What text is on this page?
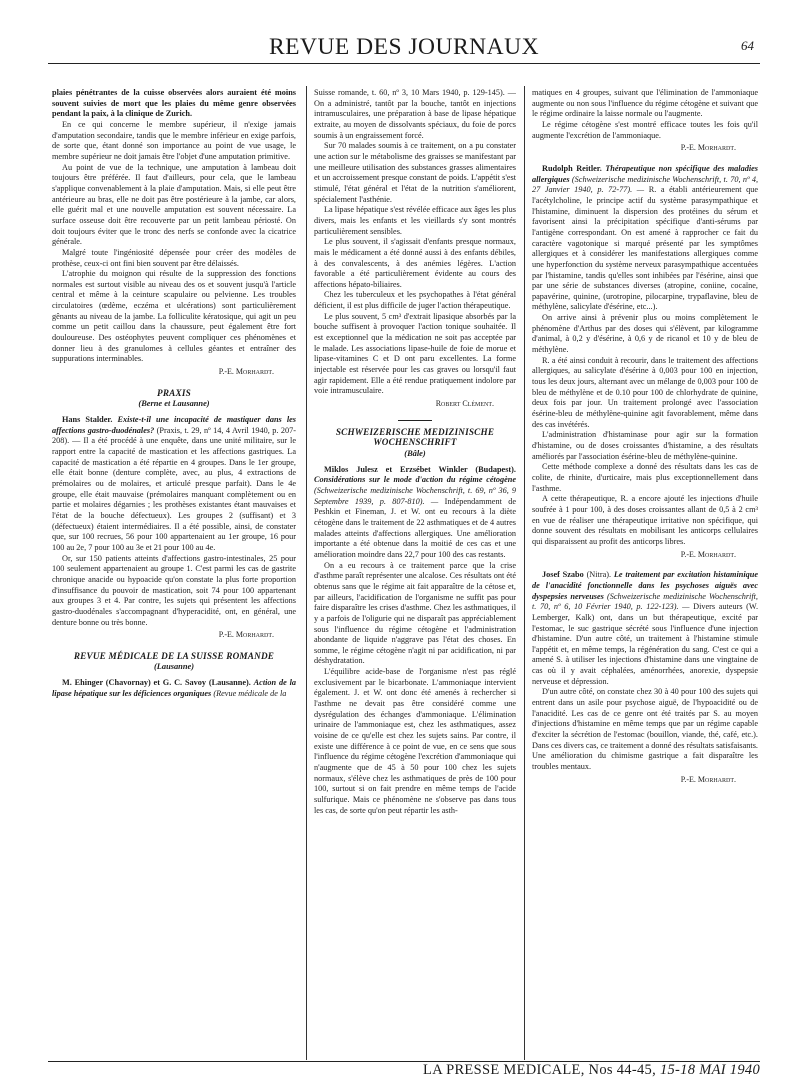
REVUE DES JOURNAUX	64

plaies pénétrantes de la cuisse observées alors auraient été moins souvent suivies de mort que les plaies du même genre observées pendant la paix, à la clinique de Zurich.

En ce qui concerne le membre supérieur, il n'exige jamais d'amputation secondaire, tandis que le membre inférieur en exige parfois, de sorte que, étant donné son importance au point de vue usage, le membre supérieur ne doit jamais être l'objet d'une amputation primitive.

Au point de vue de la technique, une amputation à lambeau doit toujours être préférée. Il faut d'ailleurs, pour cela, que le lambeau s'applique convenablement à la plaie d'amputation. Mais, si elle peut être antérieure au bras, elle ne doit pas être postérieure à la jambe, car alors, elle guérit mal et une nouvelle amputation est souvent nécessaire. La surface osseuse doit être recouverte par un petit lambeau périosté. On doit toujours éviter que le tronc des nerfs se confonde avec la cicatrice générale.

Malgré toute l'ingéniosité dépensée pour créer des modèles de prothèse, ceux-ci ont fini bien souvent par être délaissés.

L'atrophie du moignon qui résulte de la suppression des fonctions normales est surtout visible au niveau des os et souvent jusqu'à l'article central et même à la ceinture scapulaire ou pelvienne. Les troubles circulatoires (œdème, eczéma et ulcérations) sont particulièrement gênants au niveau de la jambe. La folliculite kératosique, qui agit un peu comme un petit caillou dans la chaussure, peut également être fort douloureuse. Des ostéophytes peuvent compliquer ces phénomènes et donner lieu à des granulomes à cellules géantes et entraîner des suppurations interminables.

P.-E. Morhardt.
PRAXIS
(Berne et Lausanne)

Hans Stalder. Existe-t-il une incapacité de mastiquer dans les affections gastro-duodénales? (Praxis, t. 29, nº 14, 4 Avril 1940, p. 207-208). — Il a été procédé à une enquête, dans une unité militaire, sur le rapport entre la capacité de mastication et les affections gastriques. La capacité de mastication a été répartie en 4 groupes. Dans le 1er groupe, elle était bonne (denture complète, avec, au plus, 4 extractions de prémolaires ou de molaires, et articulé presque parfait). Dans le 4e groupe, elle était mauvaise (prémolaires manquant complètement ou en partie et molaires dégarnies ; les prothèses existantes étant mauvaises et l'état de la bouche défectueux). Les groupes 2 (suffisant) et 3 (défectueux) étaient intermédiaires. Il a été possible, ainsi, de constater que, sur 100 recrues, 56 pour 100 appartenaient au 1er groupe, 16 pour 100 au 2e, 7 pour 100 au 3e et 21 pour 100 au 4e.

Or, sur 150 patients atteints d'affections gastro-intestinales, 25 pour 100 seulement appartenaient au groupe 1. C'est parmi les cas de gastrite chronique anacide ou hypoacide qu'on constate la plus forte proportion d'insuffisance du pouvoir de mastication, soit 74 pour 100 appartenant aux groupes 3 et 4. Par contre, les sujets qui présentent les affections gastro-duodénales s'accompagnant d'hyperacidité, ont, en général, une denture bonne ou très bonne.

P.-E. Morhardt.
REVUE MÉDICALE DE LA SUISSE ROMANDE
(Lausanne)

M. Ehinger (Chavornay) et G. C. Savoy (Lausanne). Action de la lipase hépatique sur les déficiences organiques (Revue médicale de la

Suisse romande, t. 60, nº 3, 10 Mars 1940, p. 129-145). — On a administré, tantôt par la bouche, tantôt en injections intramusculaires, une préparation à base de lipase hépatique extraite, au moyen de dissolvants spéciaux, du foie de porcs soumis à un engraissement forcé.

Sur 70 malades soumis à ce traitement, on a pu constater une action sur le métabolisme des graisses se manifestant par une meilleure utilisation des substances grasses alimentaires et un accroissement presque constant de poids. L'appétit s'est stimulé, l'état général et l'état de la nutrition s'améliorent, spécialement l'asthénie.

La lipase hépatique s'est révélée efficace aux âges les plus divers, mais les enfants et les vieillards s'y sont montrés particulièrement sensibles.

Le plus souvent, il s'agissait d'enfants presque normaux, mais le médicament a été donné aussi à des enfants débiles, à des convalescents, à des anémies légères. L'action favorable a été particulièrement évidente au cours des affections hépato-biliaires.

Chez les tuberculeux et les psychopathes à l'état général déficient, il est plus difficile de juger l'action thérapeutique.

Le plus souvent, 5 cm³ d'extrait lipasique absorbés par la bouche suffisent à provoquer l'action tonique souhaitée. Il est exceptionnel que la médication ne soit pas acceptée par le malade. Les associations lipase-huile de foie de morue et lipase-vitamines C et D ont paru excellentes. La forme injectable est réservée pour les cas graves ou lorsqu'il faut agir rapidement. Elle a été rendue pratiquement indolore par voie intramusculaire.

Robert Clément.
SCHWEIZERISCHE MEDIZINISCHE WOCHENSCHRIFT
(Bâle)

Miklos Julesz et Erzsébet Winkler (Budapest). Considérations sur le mode d'action du régime cétogène (Schweizerische medizinische Wochenschrift, t. 69, nº 36, 9 Septembre 1939, p. 807-810). — Indépendamment de Peshkin et Fineman, J. et W. ont eu recours à la diète cétogène dans le traitement de 22 asthmatiques et de 4 autres malades atteints d'affections allergiques. Une amélioration importante a été obtenue dans la moitié de ces cas et une amélioration moindre dans 22,7 pour 100 des cas restants.

On a eu recours à ce traitement parce que la crise d'asthme paraît représenter une alcalose. Ces résultats ont été obtenus sans que le régime ait fait apparaître de la cétose et, par ailleurs, l'acidification de l'organisme ne suffit pas pour faire disparaître les crises d'asthme. Chez les asthmatiques, il y a parfois de l'oligurie qui ne disparaît pas appréciablement sous l'influence du régime cétogène et l'administration abondante de liquide n'aggrave pas l'état des choses. En somme, le régime cétogène n'agit ni par acidification, ni par déshydratation.

L'équilibre acide-base de l'organisme n'est pas réglé exclusivement par le bicarbonate. L'ammoniaque intervient également. J. et W. ont donc été amenés à rechercher si l'asthme ne devait pas être considéré comme une dysrégulation des échanges d'ammoniaque. L'élimination urinaire de l'ammoniaque est, chez les asthmatiques, assez voisine de ce qu'elle est chez les sujets sains. Par contre, il existe une différence à ce point de vue, en ce sens que sous l'influence du régime cétogène l'excrétion d'ammoniaque qui n'augmente que de 45 à 50 pour 100 chez les sujets normaux, s'élève chez les asthmatiques de près de 100 pour 100, surtout si on fait prendre en même temps de l'acide sulfurique. Mais ce phénomène ne s'observe pas dans tous les cas, de sorte qu'on peut répartir les asth-

matiques en 4 groupes, suivant que l'élimination de l'ammoniaque augmente ou non sous l'influence du régime cétogène et suivant que le régime ordinaire la laisse normale ou l'augmente.

Le régime cétogène s'est montré efficace toutes les fois qu'il augmente l'excrétion de l'ammoniaque.

P.-E. Morhardt.

Rudolph Reitler. Thérapeutique non spécifique des maladies allergiques (Schweizerische medizinische Wochenschrift, t. 70, nº 4, 27 Janvier 1940, p. 72-77). — R. a établi antérieurement que l'acétylcholine, le principe actif du système parasympathique et l'histamine, diminuent la dispersion des protéines du sérum et favorisent ainsi la précipitation spécifique d'anti-sérums par l'antigène correspondant. On est amené à rapprocher ce fait du caractère vagotonique si marqué présenté par les symptômes allergiques et à considérer les manifestations allergiques comme une hyperfonction du système nerveux parasympathique accentuées par l'histamine, tandis qu'elles sont inhibées par l'ésérine, ainsi que par une série de substances diverses (atropine, coniine, cocaïne, papavérine, quinine, (urotropine, pilocarpine, trypaflavine, bleu de méthylène, salicylate d'ésérine, etc...).

On arrive ainsi à prévenir plus ou moins complètement le phénomène d'Arthus par des doses qui s'élèvent, par kilogramme d'animal, à 0,2 y d'ésérine, à 0,6 y de ricanol et 10 y de bleu de méthylène.

R. a été ainsi conduit à recourir, dans le traitement des affections allergiques, au salicylate d'ésérine à 0,003 pour 100 en injection, tous les deux jours, alternant avec un mélange de 0,003 pour 100 de bleu de méthylène et de 0.10 pour 100 de chlorhydrate de quinine, deux fois par jour. Un traitement prolongé avec l'association ésérine-bleu de méthylène-quinine agit favorablement, même dans des cas invétérés.

L'administration d'histaminase pour agir sur la formation d'histamine, ou de doses croissantes d'histamine, a des résultats améliorés par l'association ésérine-bleu de méthylène-quinine.

Cette méthode complexe a donné des résultats dans les cas de colite, de rhinite, d'urticaire, mais plus exceptionnellement dans l'asthme.

A cette thérapeutique, R. a encore ajouté les injections d'huile soufrée à 1 pour 100, à des doses croissantes allant de 0,5 à 2 cm³ en vue de réaliser une thérapeutique irritative non spécifique, qui donne souvent des résultats en mobilisant les anticorps cellulaires qui disparaissent au profit des anticorps libres.

P.-E. Morhardt.

Josef Szabo (Nitra). Le traitement par excitation histaminique de l'anacidité fonctionnelle dans les psychoses aiguës avec dyspepsies nerveuses (Schweizerische medizinische Wochenschrift, t. 70, nº 6, 10 Février 1940, p. 122-123). — Divers auteurs (W. Lemberger, Kalk) ont, dans un but thérapeutique, excité par l'estomac, le suc gastrique sécrété sous l'influence d'une injection d'histamine. D'un autre côté, un traitement à l'histamine stimule l'appétit et, en même temps, la régénération du sang. C'est ce qui a amené S. à utiliser les injections d'histamine dans une vingtaine de cas où il y avait céphalées, aménorrhées, anorexie, dyspepsie nerveuse et dépression.

D'un autre côté, on constate chez 30 à 40 pour 100 des sujets qui entrent dans un asile pour psychose aiguë, de l'hypoacidité ou de l'anacidité. Les cas de ce genre ont été traités par S. au moyen d'injections d'histamine en même temps que par un régime capable d'exciter la sécrétion de l'estomac (bouillon, viande, thé, café, etc.). Dans ces divers cas, ce traitement a donné des résultats satisfaisants. Une amélioration du chimisme gastrique a fait disparaître les troubles mentaux.

P.-E. Morhardt.
LA PRESSE MEDICALE, Nos 44-45, 15-18 MAI 1940
